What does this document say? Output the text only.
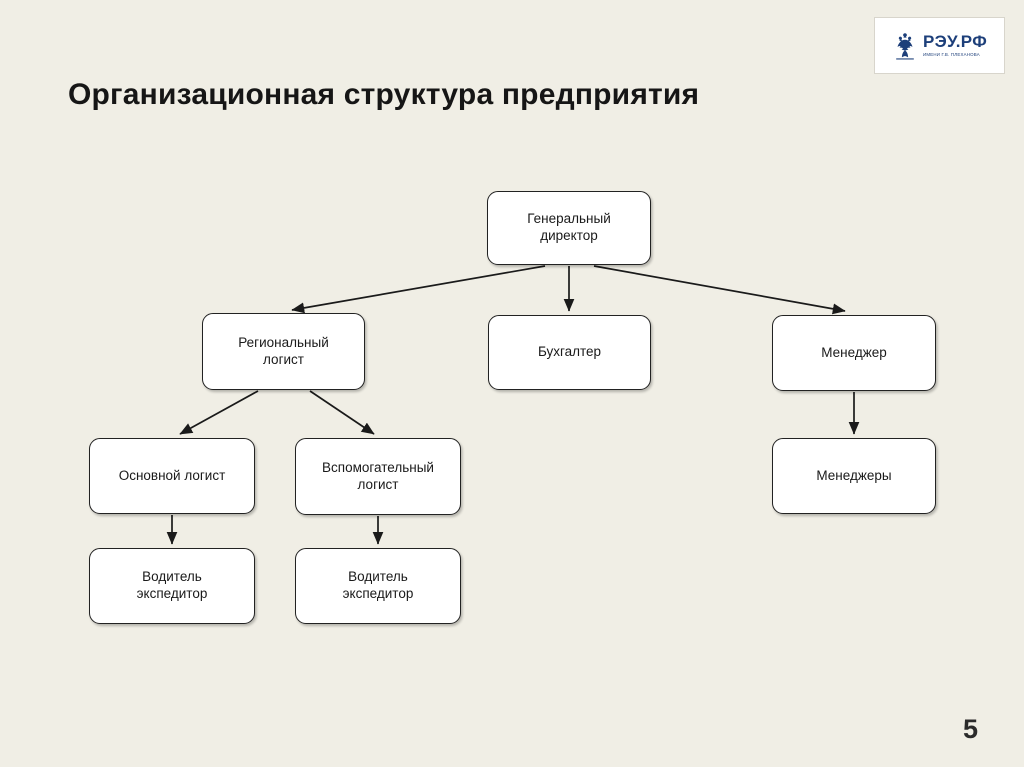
РЭУ.РФ
ИМЕНИ Г.В. ПЛЕХАНОВА
Организационная структура предприятия
Генеральный
директор
Региональный
логист	Бухгалтер	Менеджер
Основной логист
Вспомогательный
логист
Менеджеры
Водитель
экспедитор
Водитель
экспедитор
5
